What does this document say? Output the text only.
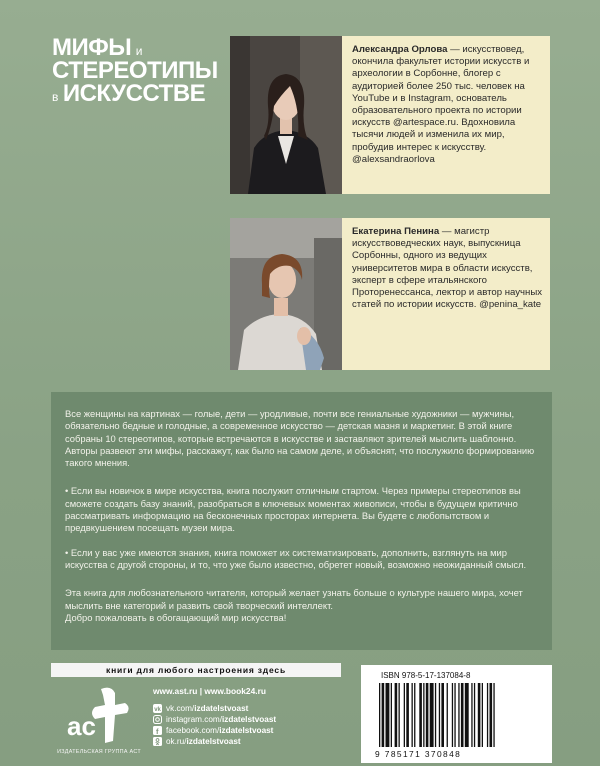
МИФЫ и
СТЕРЕОТИПЫ
в ИСКУССТВЕ
Александра Орлова — искусствовед, окончила факультет истории искусств и археологии в Сорбонне, блогер с аудиторией более 250 тыс. человек на YouTube и в Instagram, основатель образовательного проекта по истории искусств @artespace.ru. Вдохновила тысячи людей и изменила их мир, пробудив интерес к искусству. @alexsandraorlova
Екатерина Пенина — магистр искусствоведческих наук, выпускница Сорбонны, одного из ведущих университетов мира в области искусств, эксперт в сфере итальянского Проторенессанса, лектор и автор научных статей по истории искусств. @penina_kate

Все женщины на картинах — голые, дети — уродливые, почти все гениальные художники — мужчины, обязательно бедные и голодные, а современное искусство — детская мазня и маркетинг. В этой книге собраны 10 стереотипов, которые встречаются в искусстве и заставляют зрителей мыслить шаблонно. Авторы развеют эти мифы, расскажут, как было на самом деле, и объяснят, что послужило формированию такого мнения.

• Если вы новичок в мире искусства, книга послужит отличным стартом. Через примеры стереотипов вы сможете создать базу знаний, разобраться в ключевых моментах живописи, чтобы в будущем критично рассматривать информацию на бесконечных просторах интернета. Вы будете с любопытством и предвкушением посещать музеи мира.

• Если у вас уже имеются знания, книга поможет их систематизировать, дополнить, взглянуть на мир искусства с другой стороны, и то, что уже было известно, обретет новый, возможно неожиданный смысл.

Эта книга для любознательного читателя, который желает узнать больше о культуре нашего мира, хочет мыслить вне категорий и развить свой творческий интеллект.

Добро пожаловать в обогащающий мир искусства!

книги для любого настроения здесь
ас
ИЗДАТЕЛЬСКАЯ ГРУППА АСТ
www.ast.ru | www.book24.ru
vk vk.com/ izdatelstvoast
instagram.com/ izdatelstvoast
f facebook.com/ izdatelstvoast
ok.ru/ izdatelstvoast
ISBN 978-5-17-137084-8
9 785171 370848
